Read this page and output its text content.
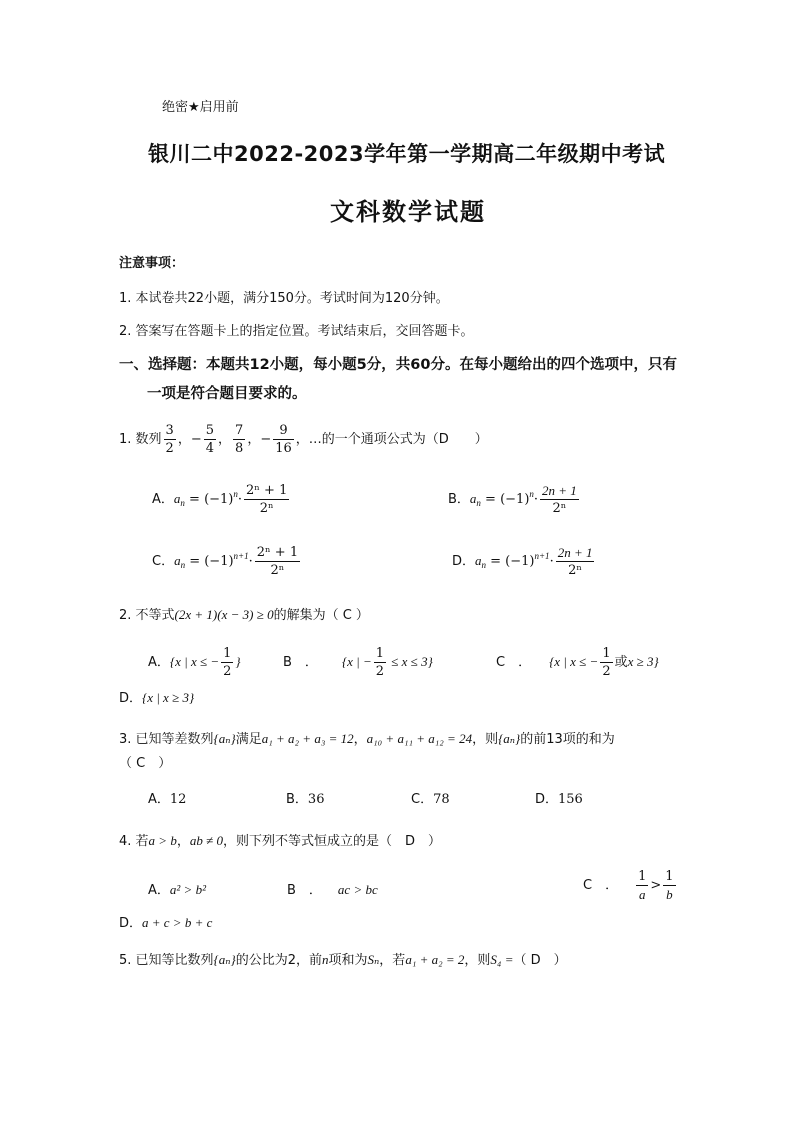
绝密★启用前
银川二中2022-2023学年第一学期高二年级期中考试
文科数学试题
注意事项：
1. 本试卷共22小题，满分150分。考试时间为120分钟。
2. 答案写在答题卡上的指定位置。考试结束后，交回答题卡。
一、选择题：本题共12小题，每小题5分，共60分。在每小题给出的四个选项中，只有
一项是符合题目要求的。
1. 数列 $\frac{3}{2}$ ，− $\frac{5}{4}$ ， $\frac{7}{8}$ ，− $\frac{9}{16}$ ，…的一个通项公式为（D　　）
A．$a_n = (-1)^n\cdot \frac{\text{2ⁿ + 1}}{\text{2ⁿ}}$	B．$a_n = (-1)^n\cdot \frac{2n + 1}{\text{2ⁿ}}$
C．$a_n = (-1)^{n+1}\cdot \frac{\text{2ⁿ + 1}}{\text{2ⁿ}}$	D．$a_n = (-1)^{n+1}\cdot \frac{2n + 1}{\text{2ⁿ}}$
2. 不等式(2x + 1)(x − 3) ≥ 0的解集为（ C ）
A．{x | x ≤ − $\frac{1}{2}$ }	B　． {x | − $\frac{1}{2} \le x \le 3$}	C　． {x | x ≤ − $\frac{1}{2}$ 或x ≥ 3}
D．{x | x ≥ 3}
3. 已知等差数列{aₙ}满足a₁ + a₂ + a₃ = 12，a₁₀ + a₁₁ + a₁₂ = 24，则{aₙ}的前13项的和为
（ C　）
A．12	B．36	C．78	D．156
4. 若a > b，ab ≠ 0，则下列不等式恒成立的是（　D　）
A．a² > b²	B　． ac > bc	C　． $\frac{1}{a} > \frac{1}{b}$
D．a + c > b + c
5. 已知等比数列{aₙ}的公比为2，前n项和为Sₙ，若a₁ + a₂ = 2，则S₄ =（ D　）
